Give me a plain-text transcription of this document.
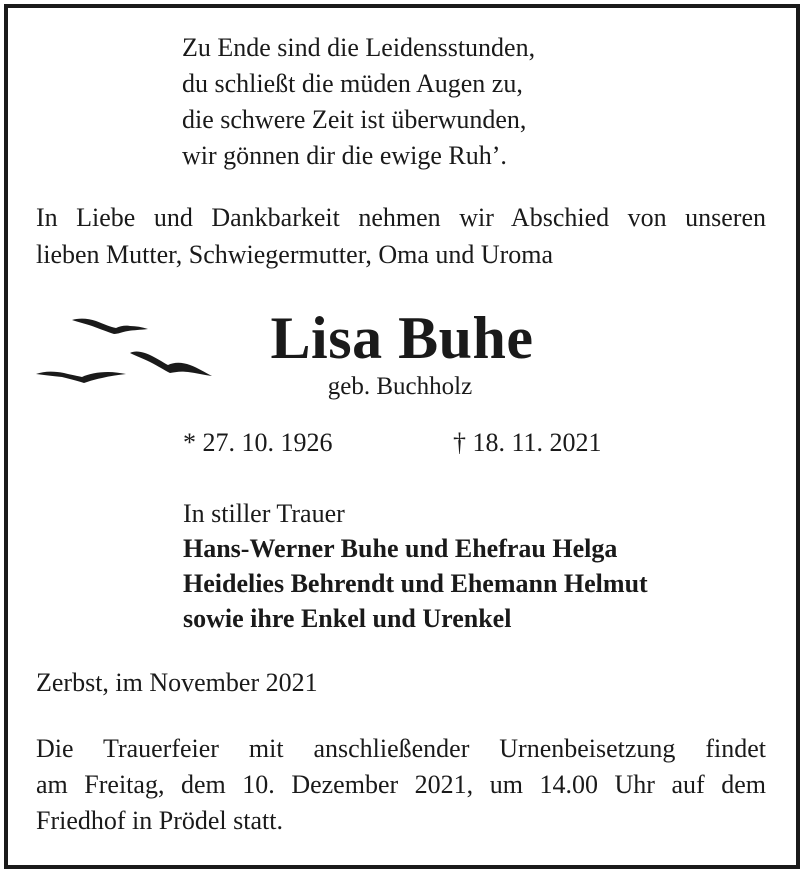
Zu Ende sind die Leidensstunden,
du schließt die müden Augen zu,
die schwere Zeit ist überwunden,
wir gönnen dir die ewige Ruh’.
In Liebe und Dankbarkeit nehmen wir Abschied von unseren
lieben Mutter, Schwiegermutter, Oma und Uroma
Lisa Buhe
geb. Buchholz
* 27. 10. 1926	† 18. 11. 2021
In stiller Trauer
Hans-Werner Buhe und Ehefrau Helga
Heidelies Behrendt und Ehemann Helmut
sowie ihre Enkel und Urenkel
Zerbst, im November 2021
Die Trauerfeier mit anschließender Urnenbeisetzung findet
am Freitag, dem 10. Dezember 2021, um 14.00 Uhr auf dem
Friedhof in Prödel statt.
